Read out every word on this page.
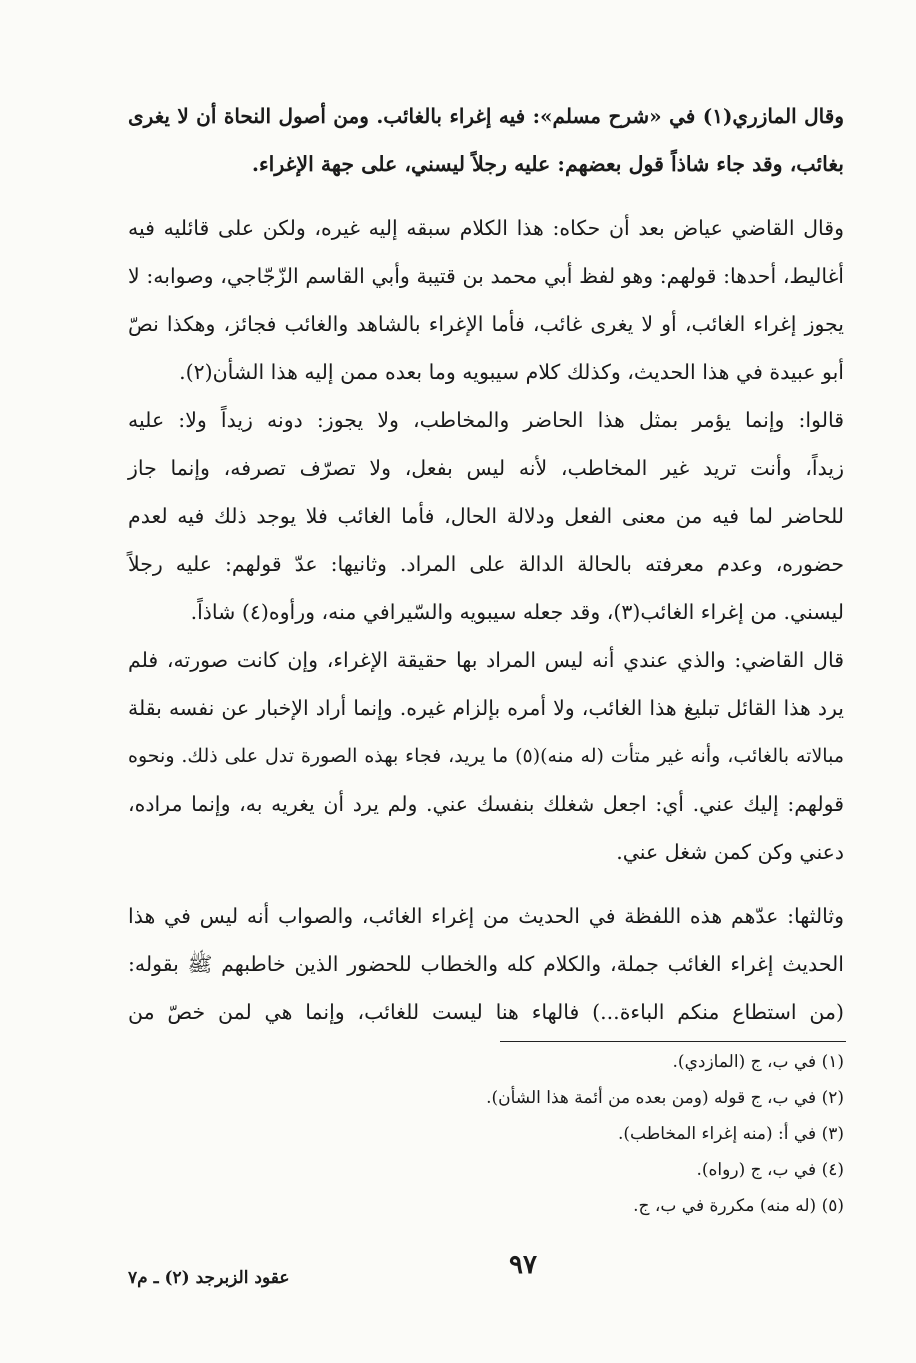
وقال المازري(١) في «شرح مسلم»: فيه إغراء بالغائب. ومن أصول النحاة أن لا يغرى

بغائب، وقد جاء شاذاً قول بعضهم: عليه رجلاً ليسني، على جهة الإغراء.

وقال القاضي عياض بعد أن حكاه: هذا الكلام سبقه إليه غيره، ولكن على قائليه فيه

أغاليط، أحدها: قولهم: وهو لفظ أبي محمد بن قتيبة وأبي القاسم الزّجّاجي، وصوابه: لا

يجوز إغراء الغائب، أو لا يغرى غائب، فأما الإغراء بالشاهد والغائب فجائز، وهكذا نصّ

أبو عبيدة في هذا الحديث، وكذلك كلام سيبويه وما بعده ممن إليه هذا الشأن(٢).

قالوا: وإنما يؤمر بمثل هذا الحاضر والمخاطب، ولا يجوز: دونه زيداً ولا: عليه

زيداً، وأنت تريد غير المخاطب، لأنه ليس بفعل، ولا تصرّف تصرفه، وإنما جاز

للحاضر لما فيه من معنى الفعل ودلالة الحال، فأما الغائب فلا يوجد ذلك فيه لعدم

حضوره، وعدم معرفته بالحالة الدالة على المراد. وثانيها: عدّ قولهم: عليه رجلاً

ليسني. من إغراء الغائب(٣)، وقد جعله سيبويه والسّيرافي منه، ورأوه(٤) شاذاً.

قال القاضي: والذي عندي أنه ليس المراد بها حقيقة الإغراء، وإن كانت صورته، فلم

يرد هذا القائل تبليغ هذا الغائب، ولا أمره بإلزام غيره. وإنما أراد الإخبار عن نفسه بقلة

مبالاته بالغائب، وأنه غير متأت (له منه)(٥) ما يريد، فجاء بهذه الصورة تدل على ذلك. ونحوه

قولهم: إليك عني. أي: اجعل شغلك بنفسك عني. ولم يرد أن يغريه به، وإنما مراده،

دعني وكن كمن شغل عني.

وثالثها: عدّهم هذه اللفظة في الحديث من إغراء الغائب، والصواب أنه ليس في هذا

الحديث إغراء الغائب جملة، والكلام كله والخطاب للحضور الذين خاطبهم ﷺ بقوله:

(من استطاع منكم الباءة...) فالهاء هنا ليست للغائب، وإنما هي لمن خصّ من

(١) في ب، ج (المازدي).

(٢) في ب، ج قوله (ومن بعده من أئمة هذا الشأن).

(٣) في أ: (منه إغراء المخاطب).

(٤) في ب، ج (رواه).

(٥) (له منه) مكررة في ب، ج.

٩٧
عقود الزبرجد (٢) ـ م٧
